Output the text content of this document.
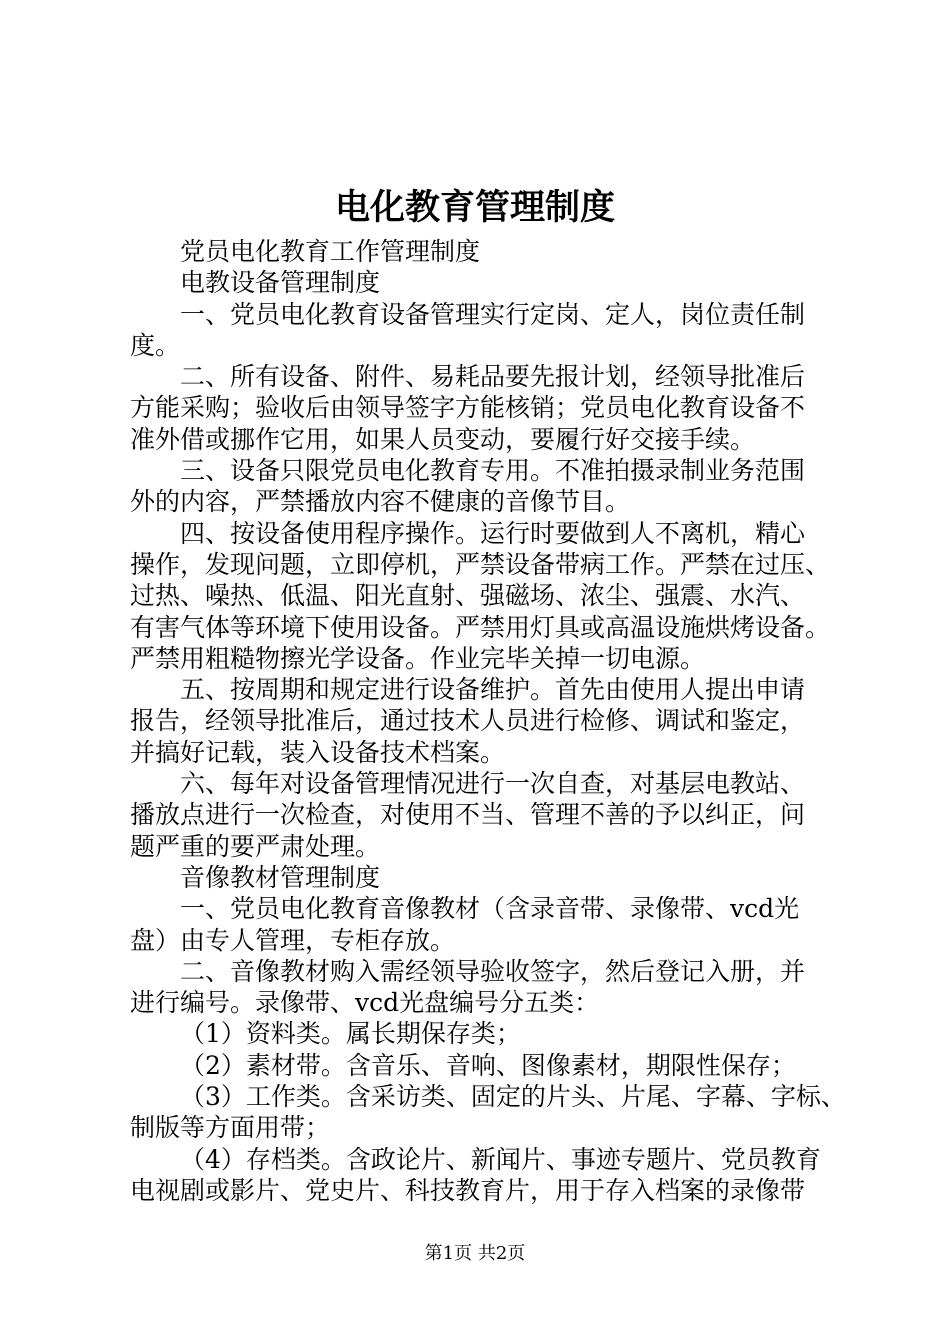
电化教育管理制度
党员电化教育工作管理制度
电教设备管理制度
一、党员电化教育设备管理实行定岗、定人，岗位责任制
度。
二、所有设备、附件、易耗品要先报计划，经领导批准后
方能采购；验收后由领导签字方能核销；党员电化教育设备不
准外借或挪作它用，如果人员变动，要履行好交接手续。
三、设备只限党员电化教育专用。不准拍摄录制业务范围
外的内容，严禁播放内容不健康的音像节目。
四、按设备使用程序操作。运行时要做到人不离机，精心
操作，发现问题，立即停机，严禁设备带病工作。严禁在过压、
过热、噪热、低温、阳光直射、强磁场、浓尘、强震、水汽、
有害气体等环境下使用设备。严禁用灯具或高温设施烘烤设备。
严禁用粗糙物擦光学设备。作业完毕关掉一切电源。
五、按周期和规定进行设备维护。首先由使用人提出申请
报告，经领导批准后，通过技术人员进行检修、调试和鉴定，
并搞好记载，装入设备技术档案。
六、每年对设备管理情况进行一次自查，对基层电教站、
播放点进行一次检查，对使用不当、管理不善的予以纠正，问
题严重的要严肃处理。
音像教材管理制度
一、党员电化教育音像教材（含录音带、录像带、vcd光
盘）由专人管理，专柜存放。
二、音像教材购入需经领导验收签字，然后登记入册，并
进行编号。录像带、vcd光盘编号分五类：
（1）资料类。属长期保存类；
（2）素材带。含音乐、音响、图像素材，期限性保存；
（3）工作类。含采访类、固定的片头、片尾、字幕、字标、
制版等方面用带；
（4）存档类。含政论片、新闻片、事迹专题片、党员教育
电视剧或影片、党史片、科技教育片，用于存入档案的录像带
第1页 共2页
